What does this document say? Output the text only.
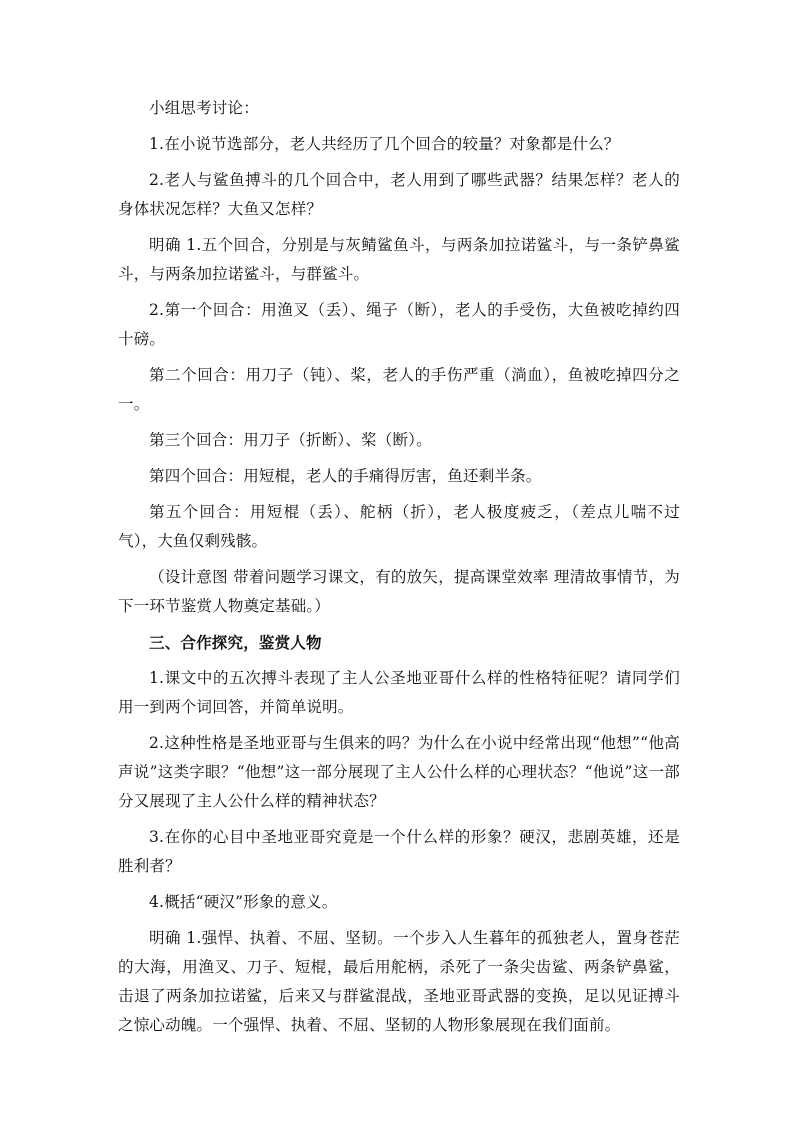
小组思考讨论：

1.在小说节选部分，老人共经历了几个回合的较量？对象都是什么？

2.老人与鲨鱼搏斗的几个回合中，老人用到了哪些武器？结果怎样？老人的身体状况怎样？大鱼又怎样？

明确 1.五个回合，分别是与灰鲭鲨鱼斗，与两条加拉诺鲨斗，与一条铲鼻鲨斗，与两条加拉诺鲨斗，与群鲨斗。

2.第一个回合：用渔叉（丢）、绳子（断），老人的手受伤，大鱼被吃掉约四十磅。

第二个回合：用刀子（钝）、桨，老人的手伤严重（淌血），鱼被吃掉四分之一。

第三个回合：用刀子（折断）、桨（断）。

第四个回合：用短棍，老人的手痛得厉害，鱼还剩半条。

第五个回合：用短棍（丢）、舵柄（折），老人极度疲乏，（差点儿喘不过气），大鱼仅剩残骸。

（设计意图 带着问题学习课文，有的放矢，提高课堂效率 理清故事情节，为下一环节鉴赏人物奠定基础。）

三、合作探究，鉴赏人物

1.课文中的五次搏斗表现了主人公圣地亚哥什么样的性格特征呢？请同学们用一到两个词回答，并简单说明。

2.这种性格是圣地亚哥与生俱来的吗？为什么在小说中经常出现“他想”“他高声说”这类字眼？“他想”这一部分展现了主人公什么样的心理状态？“他说”这一部分又展现了主人公什么样的精神状态？

3.在你的心目中圣地亚哥究竟是一个什么样的形象？硬汉，悲剧英雄，还是胜利者？

4.概括“硬汉”形象的意义。

明确 1.强悍、执着、不屈、坚韧。一个步入人生暮年的孤独老人，置身苍茫的大海，用渔叉、刀子、短棍，最后用舵柄，杀死了一条尖齿鲨、两条铲鼻鲨，击退了两条加拉诺鲨，后来又与群鲨混战，圣地亚哥武器的变换，足以见证搏斗之惊心动魄。一个强悍、执着、不屈、坚韧的人物形象展现在我们面前。
